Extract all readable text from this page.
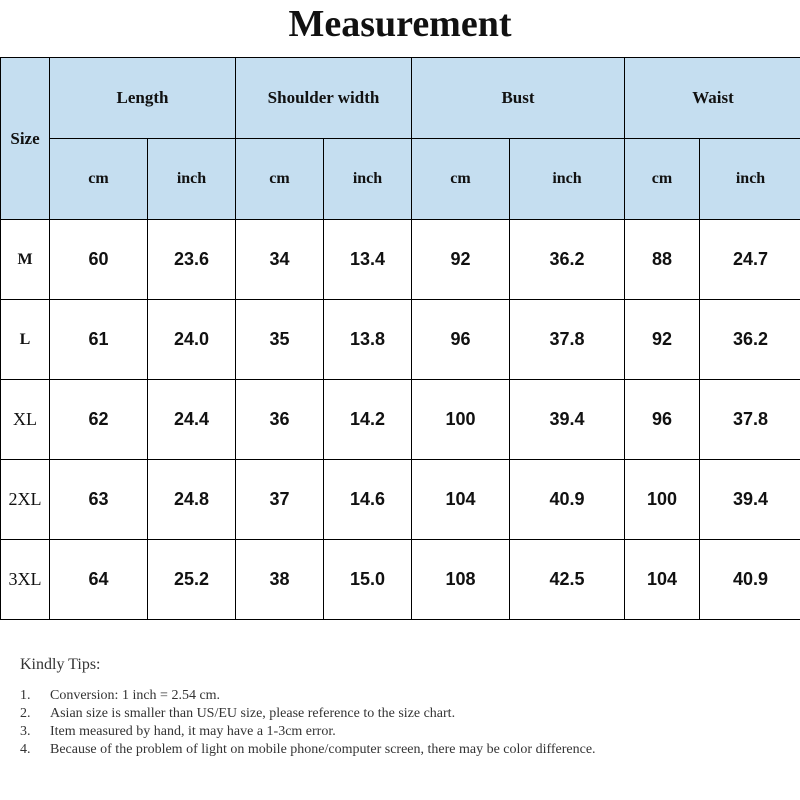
Measurement
Size	Length		Shoulder width		Bust		Waist	
	cm	inch	cm	inch	cm	inch	cm	inch
M	60	23.6	34	13.4	92	36.2	88	24.7
L	61	24.0	35	13.8	96	37.8	92	36.2
XL	62	24.4	36	14.2	100	39.4	96	37.8
2XL	63	24.8	37	14.6	104	40.9	100	39.4
3XL	64	25.2	38	15.0	108	42.5	104	40.9
Kindly Tips:
1. Conversion: 1 inch = 2.54 cm.
2. Asian size is smaller than US/EU size, please reference to the size chart.
3. Item measured by hand, it may have a 1-3cm error.
4. Because of the problem of light on mobile phone/computer screen, there may be color difference.
